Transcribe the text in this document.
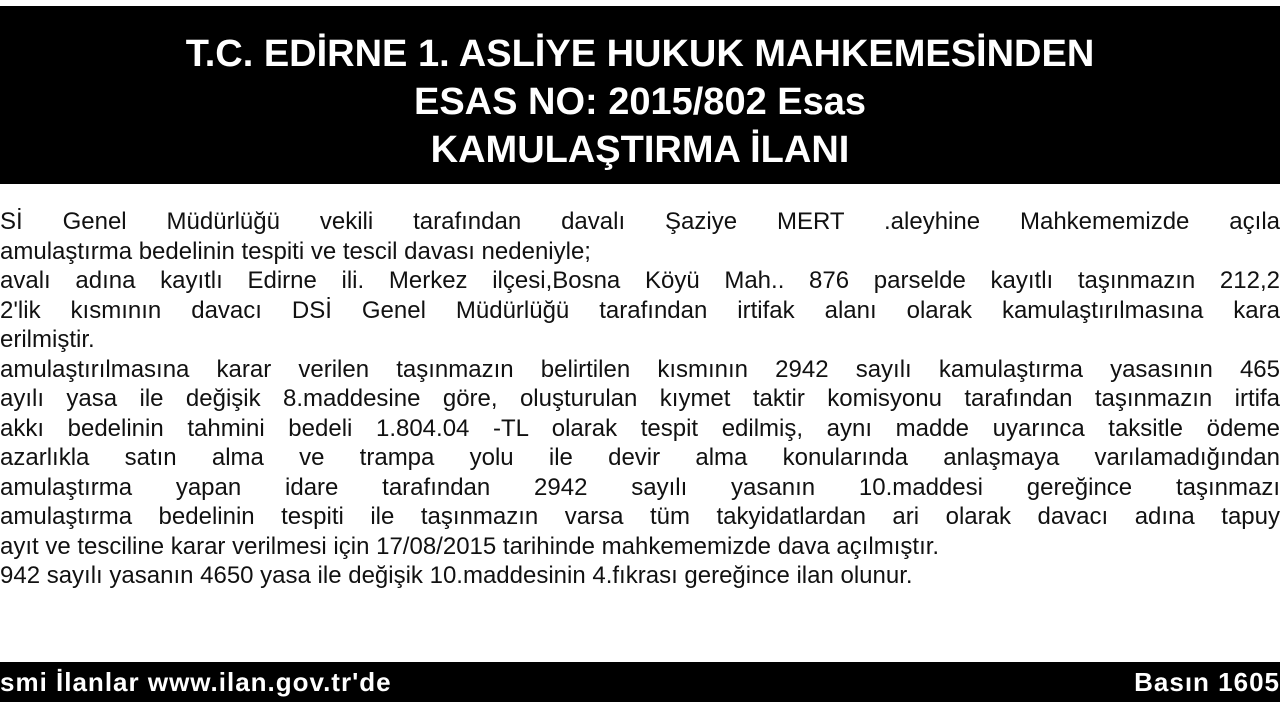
T.C. EDİRNE 1. ASLİYE HUKUK MAHKEMESİNDEN
ESAS NO: 2015/802 Esas
KAMULAŞTIRMA İLANI
Sİ Genel Müdürlüğü vekili tarafından davalı Şaziye MERT .aleyhine Mahkememizde açıla
amulaştırma bedelinin tespiti ve tescil davası nedeniyle;
avalı adına kayıtlı Edirne ili. Merkez ilçesi,Bosna Köyü Mah.. 876 parselde kayıtlı taşınmazın 212,2
2'lik kısmının davacı DSİ Genel Müdürlüğü tarafından irtifak alanı olarak kamulaştırılmasına kara
erilmiştir.
amulaştırılmasına karar verilen taşınmazın belirtilen kısmının 2942 sayılı kamulaştırma yasasının 465
ayılı yasa ile değişik 8.maddesine göre, oluşturulan kıymet taktir komisyonu tarafından taşınmazın irtifa
akkı bedelinin tahmini bedeli 1.804.04 -TL olarak tespit edilmiş, aynı madde uyarınca taksitle ödeme
azarlıkla satın alma ve trampa yolu ile devir alma konularında anlaşmaya varılamadığından
amulaştırma yapan idare tarafından 2942 sayılı yasanın 10.maddesi gereğince taşınmazı
amulaştırma bedelinin tespiti ile taşınmazın varsa tüm takyidatlardan ari olarak davacı adına tapuy
ayıt ve tesciline karar verilmesi için 17/08/2015 tarihinde mahkememizde dava açılmıştır.
942 sayılı yasanın 4650 yasa ile değişik 10.maddesinin 4.fıkrası gereğince ilan olunur.
smi İlanlar www.ilan.gov.tr'de	Basın 1605
